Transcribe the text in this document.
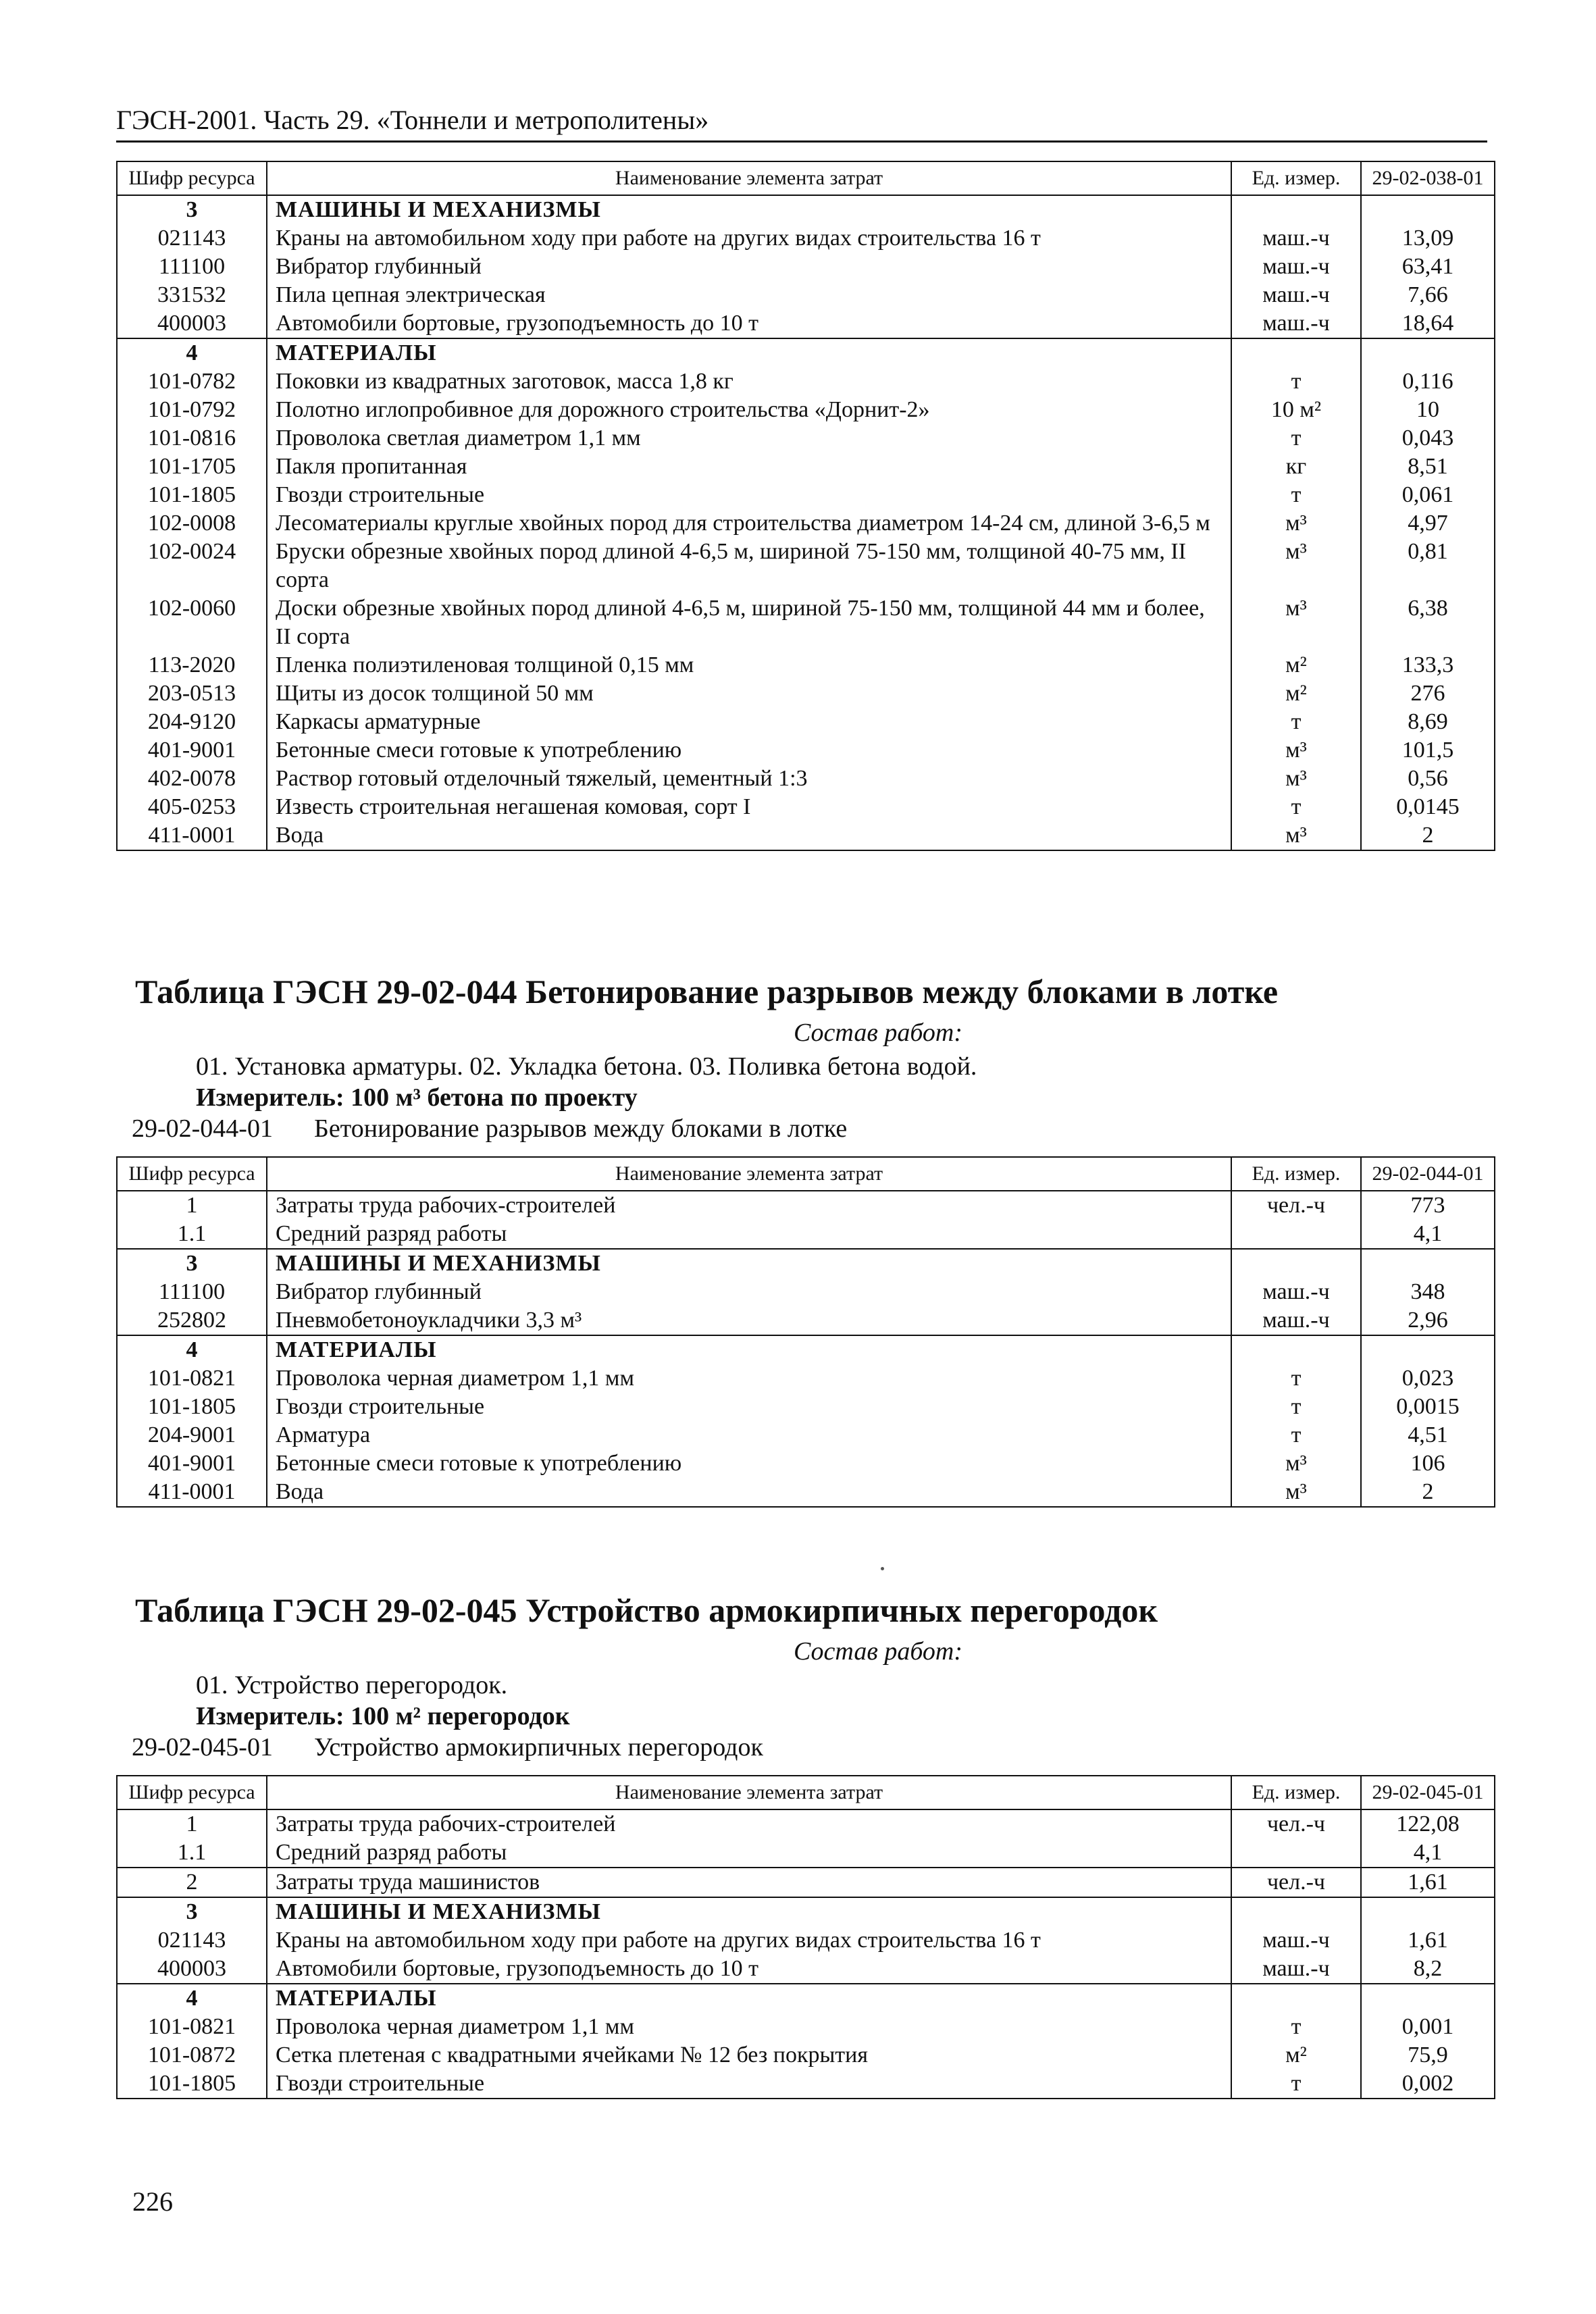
ГЭСН-2001. Часть 29. «Тоннели и метрополитены»
Шифр ресурса	Наименование элемента затрат	Ед. измер.	29-02-038-01
3	МАШИНЫ И МЕХАНИЗМЫ		
021143	Краны на автомобильном ходу при работе на других видах строительства 16 т	маш.-ч	13,09
111100	Вибратор глубинный	маш.-ч	63,41
331532	Пила цепная электрическая	маш.-ч	7,66
400003	Автомобили бортовые, грузоподъемность до 10 т	маш.-ч	18,64
4	МАТЕРИАЛЫ		
101-0782	Поковки из квадратных заготовок, масса 1,8 кг	т	0,116
101-0792	Полотно иглопробивное для дорожного строительства «Дорнит-2»	10 м²	10
101-0816	Проволока светлая диаметром 1,1 мм	т	0,043
101-1705	Пакля пропитанная	кг	8,51
101-1805	Гвозди строительные	т	0,061
102-0008	Лесоматериалы круглые хвойных пород для строительства диаметром 14-24 см, длиной 3-6,5 м	м³	4,97
102-0024	Бруски обрезные хвойных пород длиной 4-6,5 м, шириной 75-150 мм, толщиной 40-75 мм, II сорта	м³	0,81
102-0060	Доски обрезные хвойных пород длиной 4-6,5 м, шириной 75-150 мм, толщиной 44 мм и более, II сорта	м³	6,38
113-2020	Пленка полиэтиленовая толщиной 0,15 мм	м²	133,3
203-0513	Щиты из досок толщиной 50 мм	м²	276
204-9120	Каркасы арматурные	т	8,69
401-9001	Бетонные смеси готовые к употреблению	м³	101,5
402-0078	Раствор готовый отделочный тяжелый, цементный 1:3	м³	0,56
405-0253	Известь строительная негашеная комовая, сорт I	т	0,0145
411-0001	Вода	м³	2
Таблица ГЭСН 29-02-044 Бетонирование разрывов между блоками в лотке
Состав работ:
01. Установка арматуры. 02. Укладка бетона. 03. Поливка бетона водой.
Измеритель: 100 м³ бетона по проекту
29-02-044-01 Бетонирование разрывов между блоками в лотке
Шифр ресурса	Наименование элемента затрат	Ед. измер.	29-02-044-01
1	Затраты труда рабочих-строителей	чел.-ч	773
1.1	Средний разряд работы		4,1
3	МАШИНЫ И МЕХАНИЗМЫ		
111100	Вибратор глубинный	маш.-ч	348
252802	Пневмобетоноукладчики 3,3 м³	маш.-ч	2,96
4	МАТЕРИАЛЫ		
101-0821	Проволока черная диаметром 1,1 мм	т	0,023
101-1805	Гвозди строительные	т	0,0015
204-9001	Арматура	т	4,51
401-9001	Бетонные смеси готовые к употреблению	м³	106
411-0001	Вода	м³	2
Таблица ГЭСН 29-02-045 Устройство армокирпичных перегородок
Состав работ:
01. Устройство перегородок.
Измеритель: 100 м² перегородок
29-02-045-01 Устройство армокирпичных перегородок
Шифр ресурса	Наименование элемента затрат	Ед. измер.	29-02-045-01
1	Затраты труда рабочих-строителей	чел.-ч	122,08
1.1	Средний разряд работы		4,1
2	Затраты труда машинистов	чел.-ч	1,61
3	МАШИНЫ И МЕХАНИЗМЫ		
021143	Краны на автомобильном ходу при работе на других видах строительства 16 т	маш.-ч	1,61
400003	Автомобили бортовые, грузоподъемность до 10 т	маш.-ч	8,2
4	МАТЕРИАЛЫ		
101-0821	Проволока черная диаметром 1,1 мм	т	0,001
101-0872	Сетка плетеная с квадратными ячейками № 12 без покрытия	м²	75,9
101-1805	Гвозди строительные	т	0,002
226
